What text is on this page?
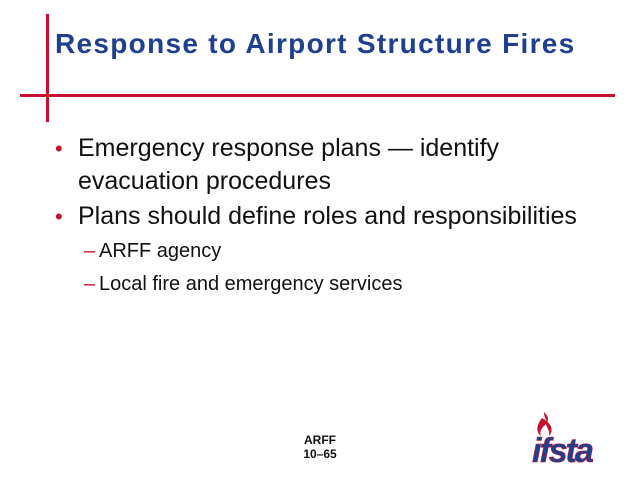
Response to Airport Structure Fires
• Emergency response plans — identify evacuation procedures
• Plans should define roles and responsibilities
– ARFF agency
– Local fire and emergency services
ARFF
10–65	ifsta
